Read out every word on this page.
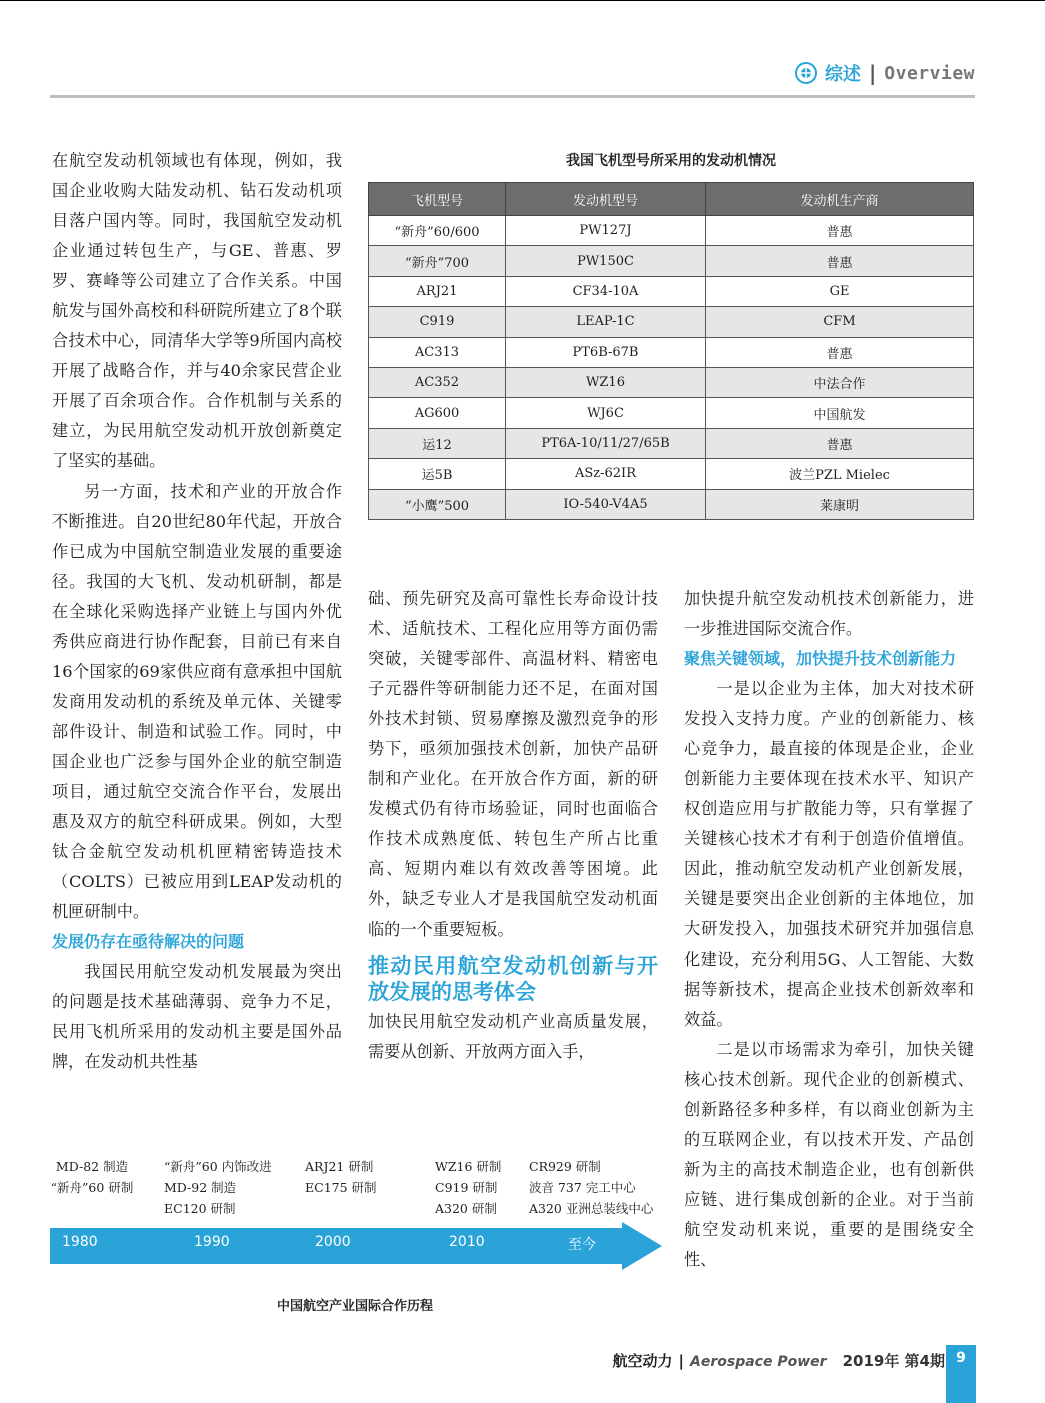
综述 | Overview

在航空发动机领域也有体现，例如，我国企业收购大陆发动机、钻石发动机项目落户国内等。同时，我国航空发动机企业通过转包生产，与GE、普惠、罗罗、赛峰等公司建立了合作关系。中国航发与国外高校和科研院所建立了8个联合技术中心，同清华大学等9所国内高校开展了战略合作，并与40余家民营企业开展了百余项合作。合作机制与关系的建立，为民用航空发动机开放创新奠定了坚实的基础。

另一方面，技术和产业的开放合作不断推进。自20世纪80年代起，开放合作已成为中国航空制造业发展的重要途径。我国的大飞机、发动机研制，都是在全球化采购选择产业链上与国内外优秀供应商进行协作配套，目前已有来自16个国家的69家供应商有意承担中国航发商用发动机的系统及单元体、关键零部件设计、制造和试验工作。同时，中国企业也广泛参与国外企业的航空制造项目，通过航空交流合作平台，发展出惠及双方的航空科研成果。例如，大型钛合金航空发动机机匣精密铸造技术（COLTS）已被应用到LEAP发动机的机匣研制中。

发展仍存在亟待解决的问题

我国民用航空发动机发展最为突出的问题是技术基础薄弱、竞争力不足，民用飞机所采用的发动机主要是国外品牌，在发动机共性基

我国飞机型号所采用的发动机情况
飞机型号	发动机型号	发动机生产商
“新舟”60/600	PW127J	普惠
“新舟”700	PW150C	普惠
ARJ21	CF34-10A	GE
C919	LEAP-1C	CFM
AC313	PT6B-67B	普惠
AC352	WZ16	中法合作
AG600	WJ6C	中国航发
运12	PT6A-10/11/27/65B	普惠
运5B	ASz-62IR	波兰PZL Mielec
“小鹰”500	IO-540-V4A5	莱康明

础、预先研究及高可靠性长寿命设计技术、适航技术、工程化应用等方面仍需突破，关键零部件、高温材料、精密电子元器件等研制能力还不足，在面对国外技术封锁、贸易摩擦及激烈竞争的形势下，亟须加强技术创新，加快产品研制和产业化。在开放合作方面，新的研发模式仍有待市场验证，同时也面临合作技术成熟度低、转包生产所占比重高、短期内难以有效改善等困境。此外，缺乏专业人才是我国航空发动机面临的一个重要短板。

推动民用航空发动机创新与开放发展的思考体会

加快民用航空发动机产业高质量发展，需要从创新、开放两方面入手，

加快提升航空发动机技术创新能力，进一步推进国际交流合作。

聚焦关键领域，加快提升技术创新能力

一是以企业为主体，加大对技术研发投入支持力度。产业的创新能力、核心竞争力，最直接的体现是企业，企业创新能力主要体现在技术水平、知识产权创造应用与扩散能力等，只有掌握了关键核心技术才有利于创造价值增值。因此，推动航空发动机产业创新发展，关键是要突出企业创新的主体地位，加大研发投入，加强技术研究并加强信息化建设，充分利用5G、人工智能、大数据等新技术，提高企业技术创新效率和效益。

二是以市场需求为牵引，加快关键核心技术创新。现代企业的创新模式、创新路径多种多样，有以商业创新为主的互联网企业，有以技术开发、产品创新为主的高技术制造企业，也有创新供应链、进行集成创新的企业。对于当前航空发动机来说，重要的是围绕安全性、

MD-82 制造
“新舟”60 研制
“新舟”60 内饰改进
MD-92 制造
EC120 研制
ARJ21 研制
EC175 研制
WZ16 研制
C919 研制
A320 研制
CR929 研制
波音 737 完工中心
A320 亚洲总装线中心
1980	1990	2000	2010	至今
中国航空产业国际合作历程
航空动力 | Aerospace Power 2019年 第4期 9
